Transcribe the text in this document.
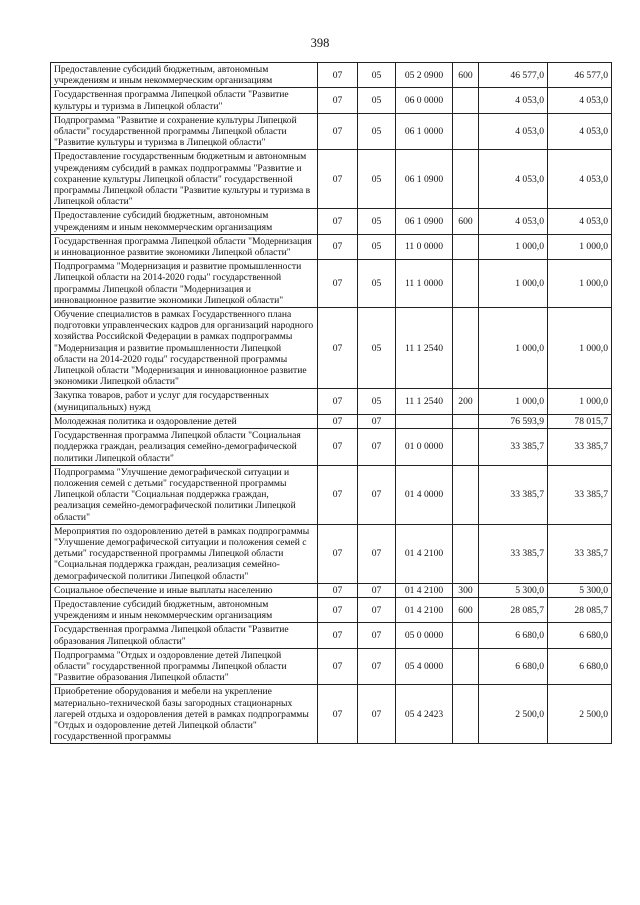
398
Предоставление субсидий бюджетным, автономным учреждениям и иным некоммерческим организациям	07	05	05 2 0900	600	46 577,0	46 577,0
Государственная программа Липецкой области "Развитие культуры и туризма в Липецкой области"	07	05	06 0 0000		4 053,0	4 053,0
Подпрограмма "Развитие и сохранение культуры Липецкой области" государственной программы Липецкой области "Развитие культуры и туризма в Липецкой области"	07	05	06 1 0000		4 053,0	4 053,0
Предоставление государственным бюджетным и автономным учреждениям субсидий в рамках подпрограммы "Развитие и сохранение культуры Липецкой области" государственной программы Липецкой области "Развитие культуры и туризма в Липецкой области"	07	05	06 1 0900		4 053,0	4 053,0
Предоставление субсидий бюджетным, автономным учреждениям и иным некоммерческим организациям	07	05	06 1 0900	600	4 053,0	4 053,0
Государственная программа Липецкой области "Модернизация и инновационное развитие экономики Липецкой области"	07	05	11 0 0000		1 000,0	1 000,0
Подпрограмма "Модернизация и развитие промышленности Липецкой области на 2014-2020 годы" государственной программы Липецкой области "Модернизация и инновационное развитие экономики Липецкой области"	07	05	11 1 0000		1 000,0	1 000,0
Обучение специалистов в рамках Государственного плана подготовки управленческих кадров для организаций народного хозяйства Российской Федерации в рамках подпрограммы "Модернизация и развитие промышленности Липецкой области на 2014-2020 годы" государственной программы Липецкой области "Модернизация и инновационное развитие экономики Липецкой области"	07	05	11 1 2540		1 000,0	1 000,0
Закупка товаров, работ и услуг для государственных (муниципальных) нужд	07	05	11 1 2540	200	1 000,0	1 000,0
Молодежная политика и оздоровление детей	07	07			76 593,9	78 015,7
Государственная программа Липецкой области "Социальная поддержка граждан, реализация семейно-демографической политики Липецкой области"	07	07	01 0 0000		33 385,7	33 385,7
Подпрограмма "Улучшение демографической ситуации и положения семей с детьми" государственной программы Липецкой области "Социальная поддержка граждан, реализация семейно-демографической политики Липецкой области"	07	07	01 4 0000		33 385,7	33 385,7
Мероприятия по оздоровлению детей в рамках подпрограммы "Улучшение демографической ситуации и положения семей с детьми" государственной программы Липецкой области "Социальная поддержка граждан, реализация семейно-демографической политики Липецкой области"	07	07	01 4 2100		33 385,7	33 385,7
Социальное обеспечение и иные выплаты населению	07	07	01 4 2100	300	5 300,0	5 300,0
Предоставление субсидий бюджетным, автономным учреждениям и иным некоммерческим организациям	07	07	01 4 2100	600	28 085,7	28 085,7
Государственная программа Липецкой области "Развитие образования Липецкой области"	07	07	05 0 0000		6 680,0	6 680,0
Подпрограмма "Отдых и оздоровление детей Липецкой области" государственной программы Липецкой области "Развитие образования Липецкой области"	07	07	05 4 0000		6 680,0	6 680,0
Приобретение оборудования и мебели на укрепление материально-технической базы загородных стационарных лагерей отдыха и оздоровления детей в рамках подпрограммы "Отдых и оздоровление детей Липецкой области" государственной программы	07	07	05 4 2423		2 500,0	2 500,0
